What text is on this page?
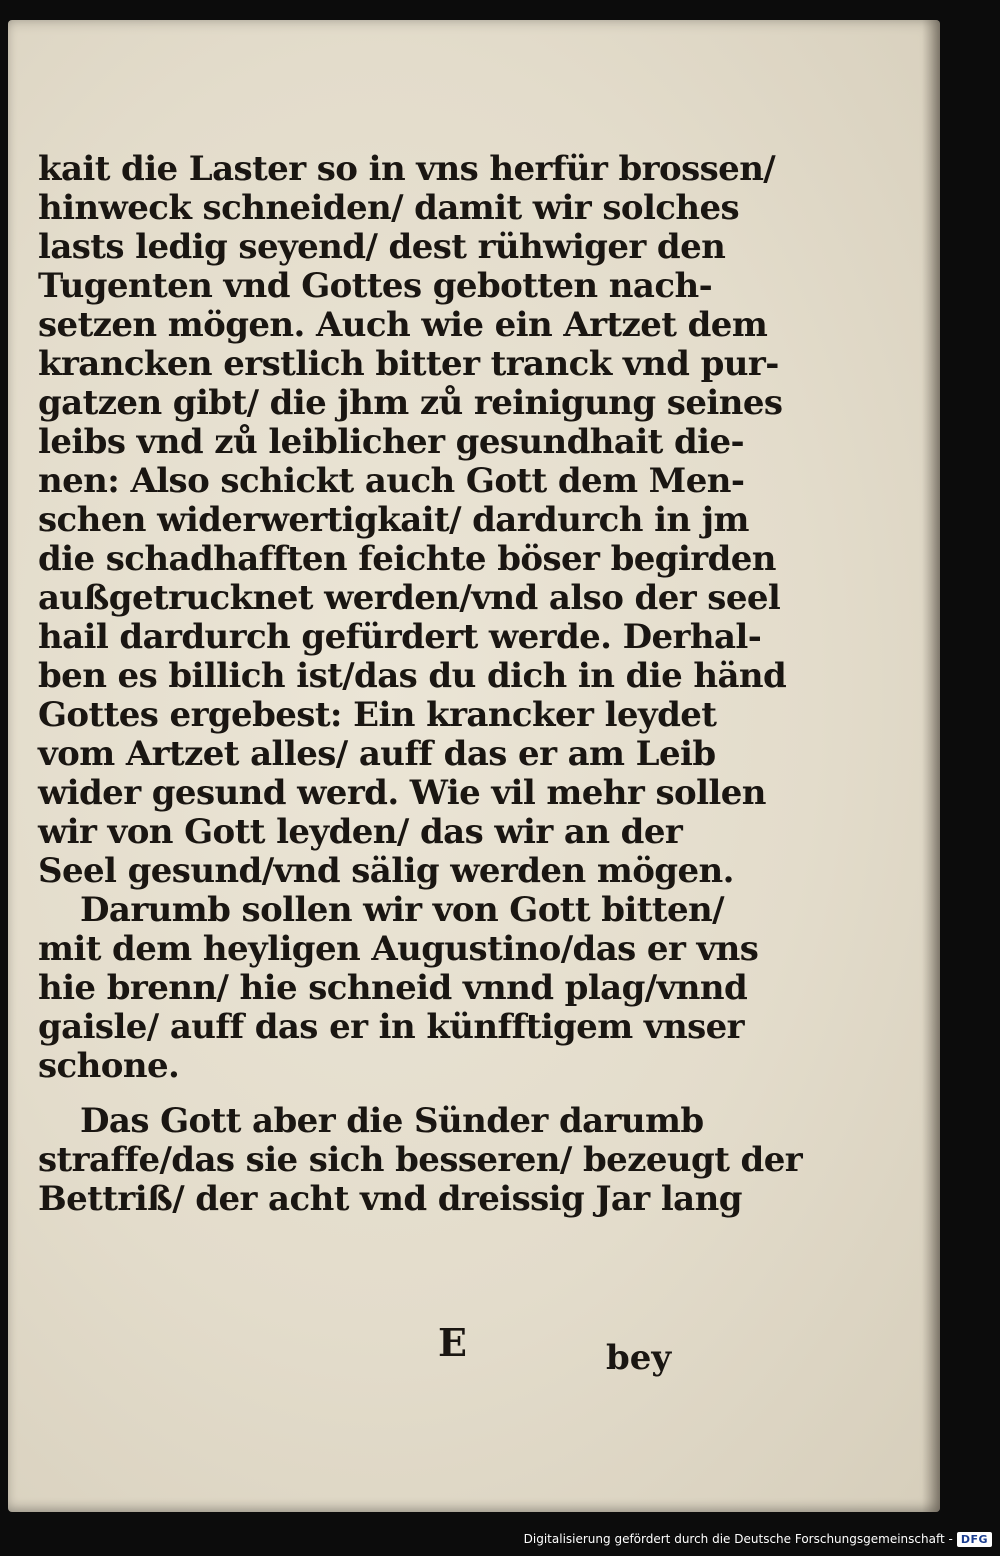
kait die Laster so in vns herfür brossen/
hinweck schneiden/ damit wir solches
lasts ledig seyend/ dest rühwiger den
Tugenten vnd Gottes gebotten nach-
setzen mögen. Auch wie ein Artzet dem
krancken erstlich bitter tranck vnd pur-
gatzen gibt/ die jhm zů reinigung seines
leibs vnd zů leiblicher gesundhait die-
nen: Also schickt auch Gott dem Men-
schen widerwertigkait/ dardurch in jm
die schadhafften feichte böser begirden
außgetrucknet werden/vnd also der seel
hail dardurch gefürdert werde. Derhal-
ben es billich ist/das du dich in die händ
Gottes ergebest: Ein krancker leydet
vom Artzet alles/ auff das er am Leib
wider gesund werd. Wie vil mehr sollen
wir von Gott leyden/ das wir an der
Seel gesund/vnd sälig werden mögen.
Darumb sollen wir von Gott bitten/
mit dem heyligen Augustino/das er vns
hie brenn/ hie schneid vnnd plag/vnnd
gaisle/ auff das er in künfftigem vnser
schone.
Das Gott aber die Sünder darumb
straffe/das sie sich besseren/ bezeugt der
Bettriß/ der acht vnd dreissig Jar lang
E	bey
Digitalisierung gefördert durch die Deutsche Forschungsgemeinschaft - DFG
